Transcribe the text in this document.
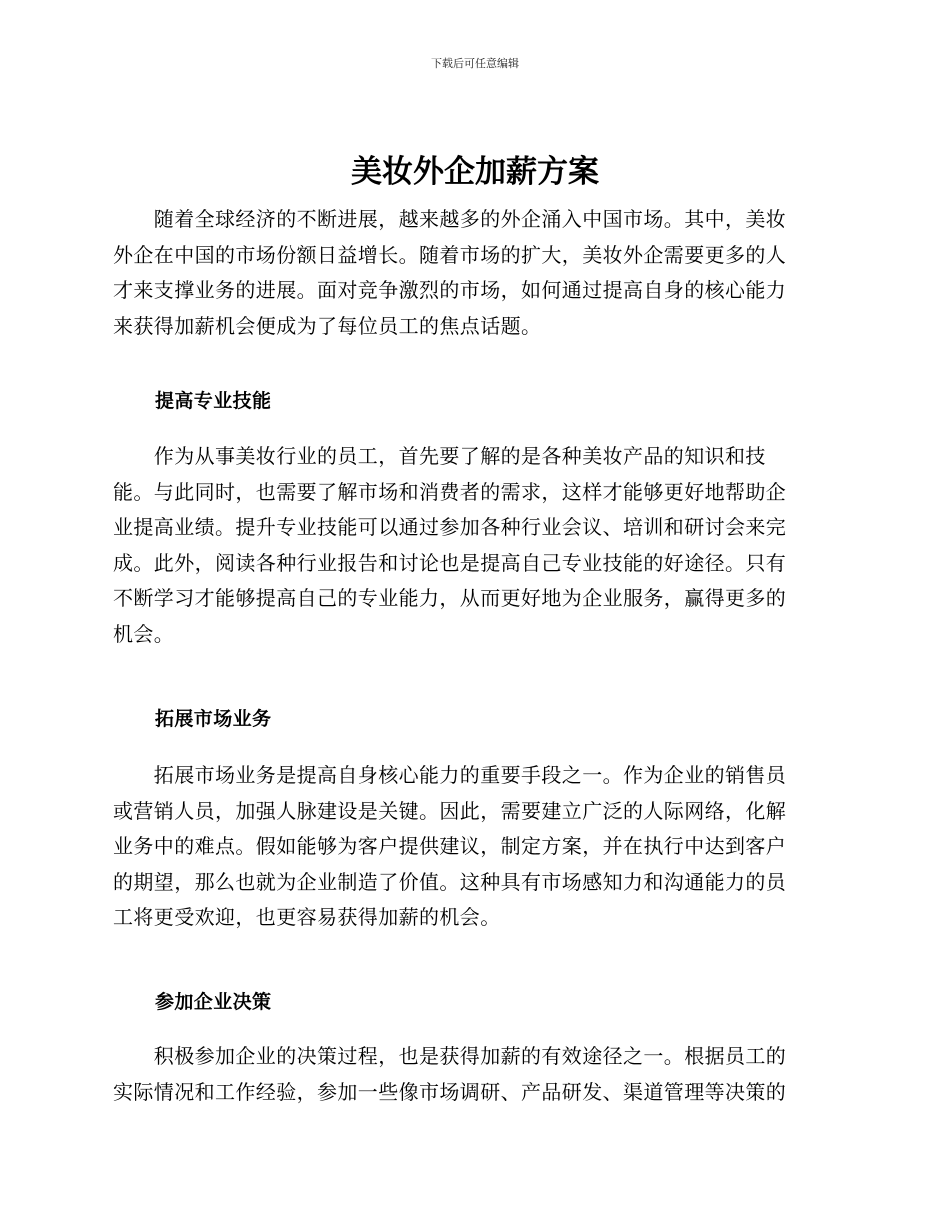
下载后可任意编辑
美妆外企加薪方案
　　随着全球经济的不断进展，越来越多的外企涌入中国市场。其中，美妆
外企在中国的市场份额日益增长。随着市场的扩大，美妆外企需要更多的人
才来支撑业务的进展。面对竞争激烈的市场，如何通过提高自身的核心能力
来获得加薪机会便成为了每位员工的焦点话题。
提高专业技能
　　作为从事美妆行业的员工，首先要了解的是各种美妆产品的知识和技
能。与此同时，也需要了解市场和消费者的需求，这样才能够更好地帮助企
业提高业绩。提升专业技能可以通过参加各种行业会议、培训和研讨会来完
成。此外，阅读各种行业报告和讨论也是提高自己专业技能的好途径。只有
不断学习才能够提高自己的专业能力，从而更好地为企业服务，赢得更多的
机会。
拓展市场业务
　　拓展市场业务是提高自身核心能力的重要手段之一。作为企业的销售员
或营销人员，加强人脉建设是关键。因此，需要建立广泛的人际网络，化解
业务中的难点。假如能够为客户提供建议，制定方案，并在执行中达到客户
的期望，那么也就为企业制造了价值。这种具有市场感知力和沟通能力的员
工将更受欢迎，也更容易获得加薪的机会。
参加企业决策
　　积极参加企业的决策过程，也是获得加薪的有效途径之一。根据员工的
实际情况和工作经验，参加一些像市场调研、产品研发、渠道管理等决策的
